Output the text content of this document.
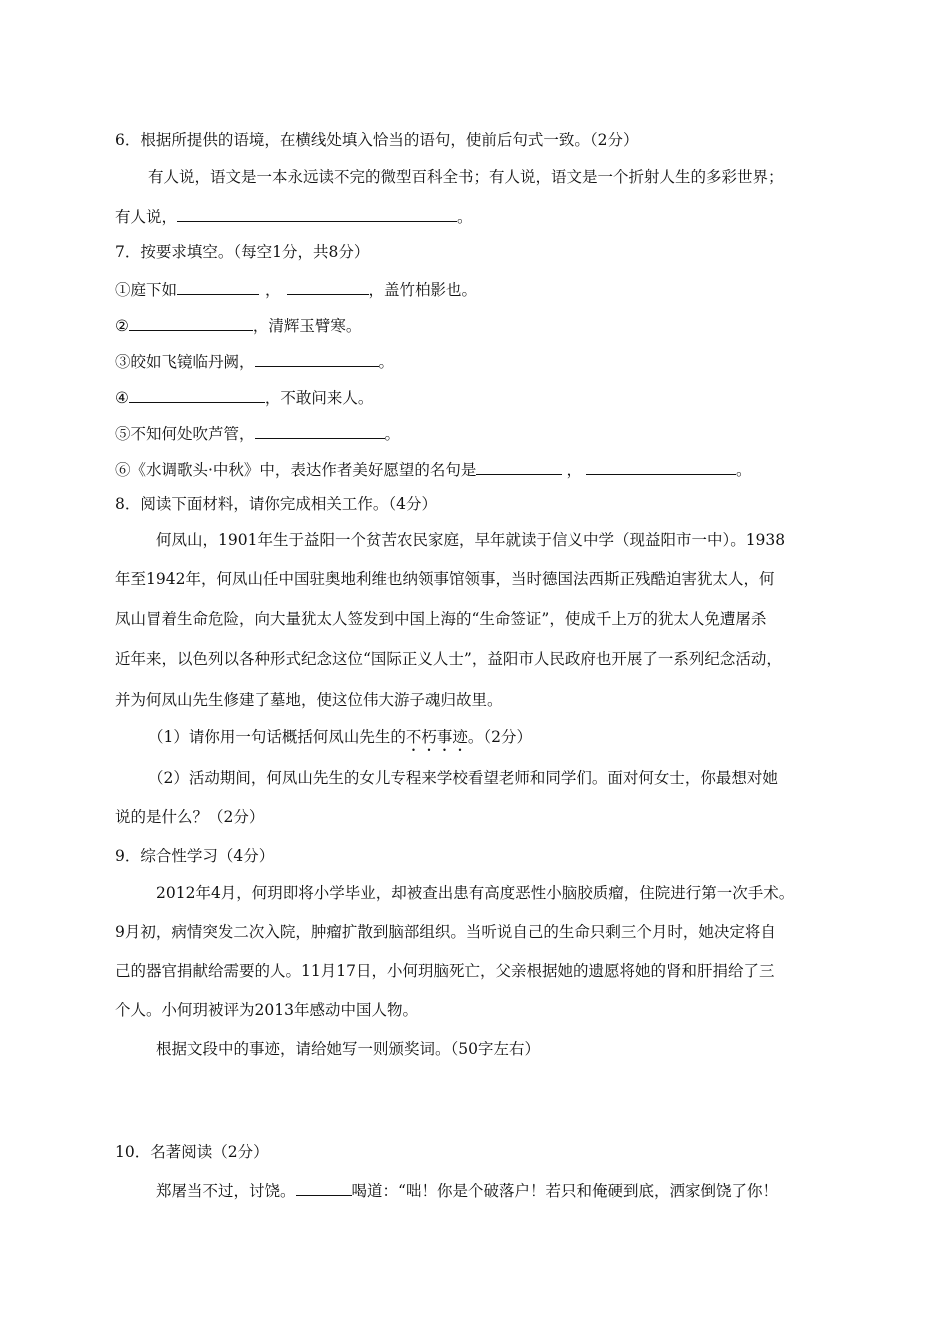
6．根据所提供的语境，在横线处填入恰当的语句，使前后句式一致。（2分）
有人说，语文是一本永远读不完的微型百科全书；有人说，语文是一个折射人生的多彩世界；
有人说，	。
7．按要求填空。（每空1分，共8分）
①庭下如	，	，盖竹柏影也。
②	，清辉玉臂寒。
③皎如飞镜临丹阙，	。
④	，不敢问来人。
⑤不知何处吹芦管，	。
⑥《水调歌头·中秋》中，表达作者美好愿望的名句是	，	。
8．阅读下面材料，请你完成相关工作。（4分）
何凤山，1901年生于益阳一个贫苦农民家庭，早年就读于信义中学（现益阳市一中）。1938
年至1942年，何凤山任中国驻奥地利维也纳领事馆领事，当时德国法西斯正残酷迫害犹太人，何
凤山冒着生命危险，向大量犹太人签发到中国上海的“生命签证”，使成千上万的犹太人免遭屠杀
近年来，以色列以各种形式纪念这位“国际正义人士”，益阳市人民政府也开展了一系列纪念活动，
并为何凤山先生修建了墓地，使这位伟大游子魂归故里。
（1）请你用一句话概括何凤山先生的不朽事迹。（2分）
（2）活动期间，何凤山先生的女儿专程来学校看望老师和同学们。面对何女士，你最想对她
说的是什么？（2分）
9．综合性学习（4分）
2012年4月，何玥即将小学毕业，却被查出患有高度恶性小脑胶质瘤，住院进行第一次手术。
9月初，病情突发二次入院，肿瘤扩散到脑部组织。当听说自己的生命只剩三个月时，她决定将自
己的器官捐献给需要的人。11月17日，小何玥脑死亡，父亲根据她的遗愿将她的肾和肝捐给了三
个人。小何玥被评为2013年感动中国人物。
根据文段中的事迹，请给她写一则颁奖词。（50字左右）
10．名著阅读（2分）
郑屠当不过，讨饶。	喝道：“咄！你是个破落户！若只和俺硬到底，洒家倒饶了你！
